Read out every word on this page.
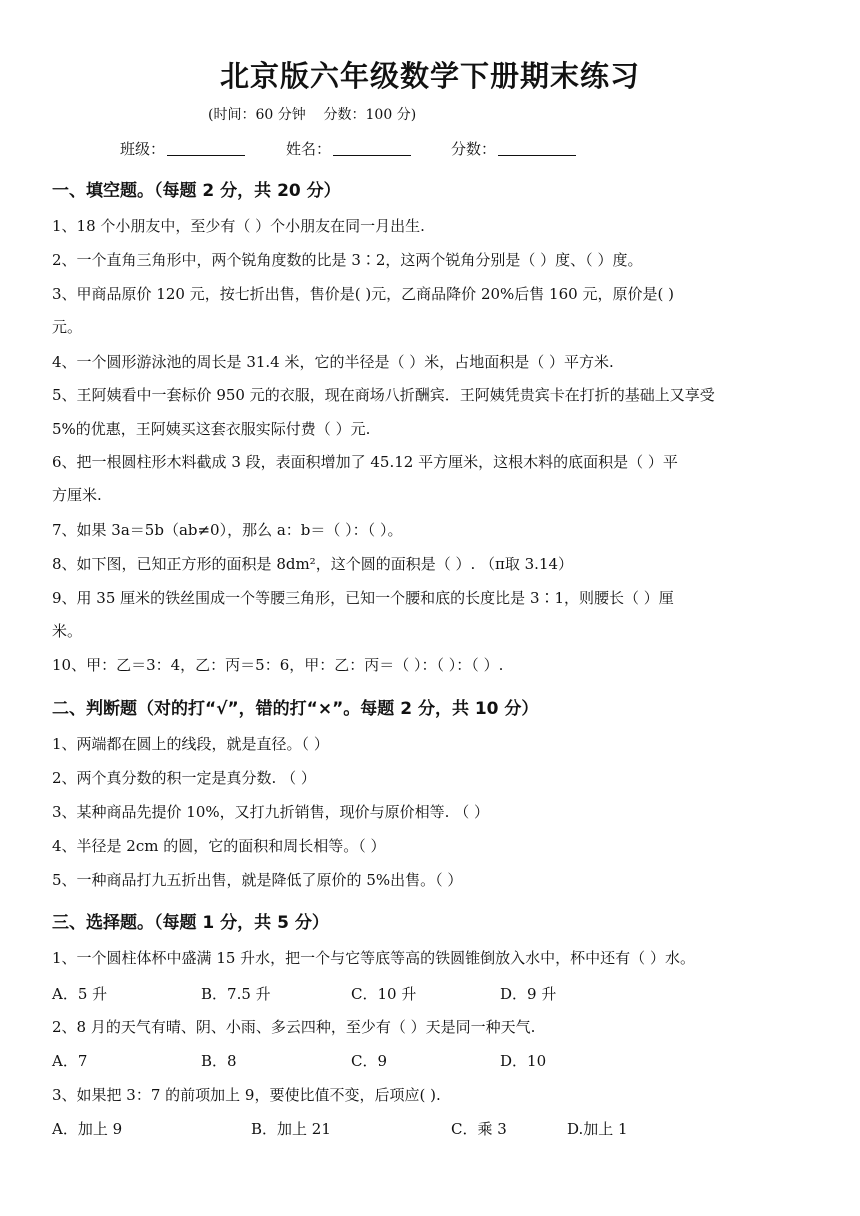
北京版六年级数学下册期末练习
(时间：60 分钟    分数：100 分)
班级：	姓名：	分数：
一、填空题。（每题 2 分，共 20 分）
1、18 个小朋友中，至少有（ ）个小朋友在同一月出生.
2、一个直角三角形中，两个锐角度数的比是 3∶2，这两个锐角分别是（ ）度、（ ）度。
3、甲商品原价 120 元，按七折出售，售价是( )元，乙商品降价 20%后售 160 元，原价是( )
元。
4、一个圆形游泳池的周长是 31.4 米，它的半径是（ ）米，占地面积是（ ）平方米.
5、王阿姨看中一套标价 950 元的衣服，现在商场八折酬宾．王阿姨凭贵宾卡在打折的基础上又享受
5%的优惠，王阿姨买这套衣服实际付费（ ）元.
6、把一根圆柱形木料截成 3 段，表面积增加了 45.12 平方厘米，这根木料的底面积是（ ）平
方厘米.
7、如果 3a＝5b（ab≠0），那么 a：b＝（ ）：（ ）。
8、如下图，已知正方形的面积是 8dm²，这个圆的面积是（ ）. （π取 3.14）
9、用 35 厘米的铁丝围成一个等腰三角形，已知一个腰和底的长度比是 3∶1，则腰长（ ）厘
米。
10、甲：乙＝3：4，乙：丙＝5：6，甲：乙：丙＝（ ）：（ ）：（ ）.
二、判断题（对的打“√”，错的打“×”。每题 2 分，共 10 分）
1、两端都在圆上的线段，就是直径。（ ）
2、两个真分数的积一定是真分数. （ ）
3、某种商品先提价 10%，又打九折销售，现价与原价相等. （ ）
4、半径是 2cm 的圆，它的面积和周长相等。（ ）
5、一种商品打九五折出售，就是降低了原价的 5%出售。（ ）
三、选择题。（每题 1 分，共 5 分）
1、一个圆柱体杯中盛满 15 升水，把一个与它等底等高的铁圆锥倒放入水中，杯中还有（ ）水。
A．5 升	B．7.5 升	C．10 升	D．9 升
2、8 月的天气有晴、阴、小雨、多云四种，至少有（ ）天是同一种天气.
A．7	B．8	C．9	D．10
3、如果把 3：7 的前项加上 9，要使比值不变，后项应( ).
A．加上 9	B．加上 21	C．乘 3	D.加上 1
